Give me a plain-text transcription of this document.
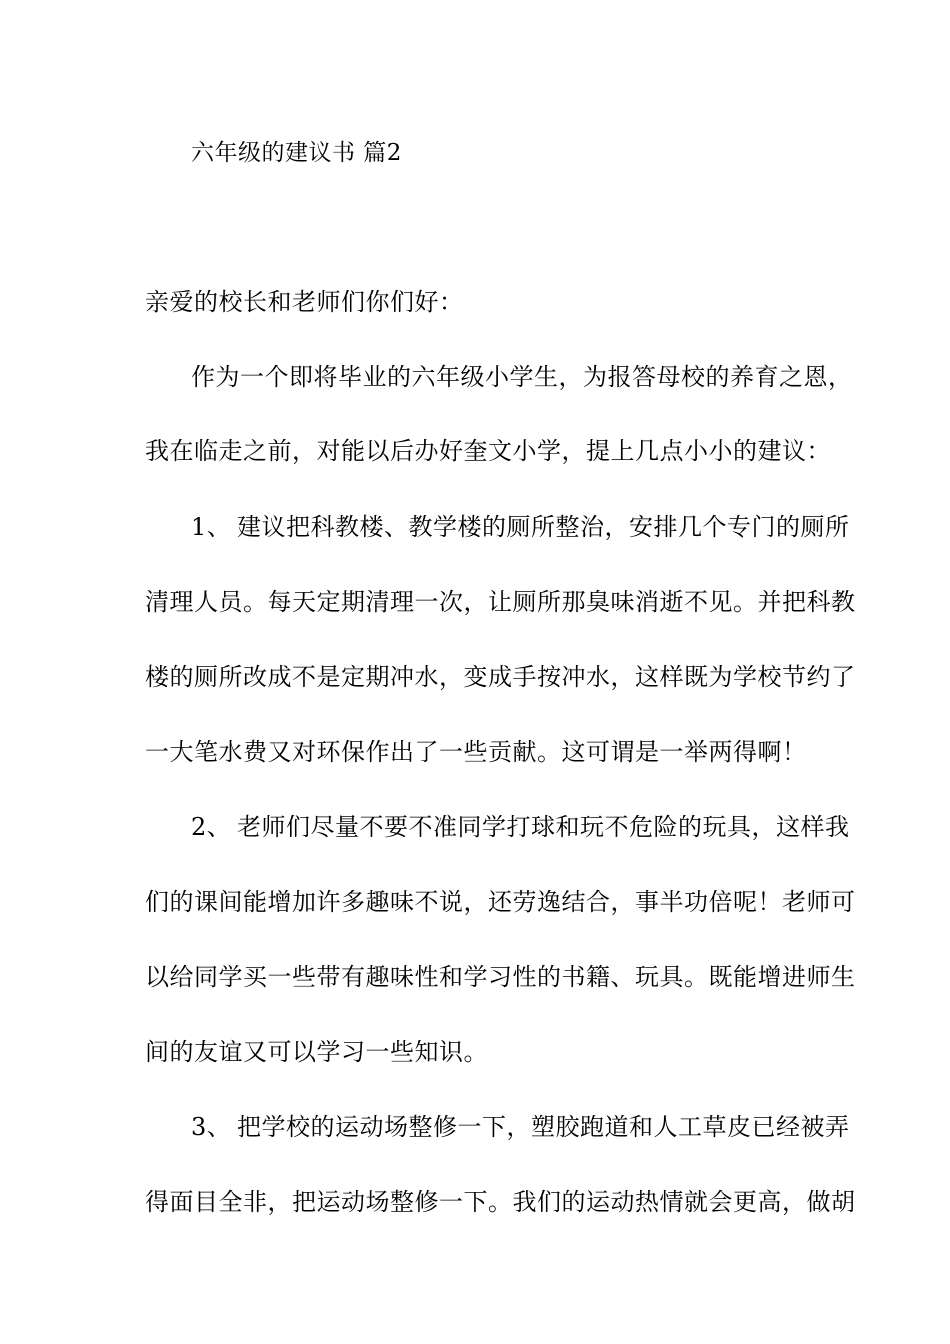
六年级的建议书 篇2
亲爱的校长和老师们你们好：
作为一个即将毕业的六年级小学生，为报答母校的养育之恩，
我在临走之前，对能以后办好奎文小学，提上几点小小的建议：
1、 建议把科教楼、教学楼的厕所整治，安排几个专门的厕所
清理人员。每天定期清理一次，让厕所那臭味消逝不见。并把科教
楼的厕所改成不是定期冲水，变成手按冲水，这样既为学校节约了
一大笔水费又对环保作出了一些贡献。这可谓是一举两得啊！
2、 老师们尽量不要不准同学打球和玩不危险的玩具，这样我
们的课间能增加许多趣味不说，还劳逸结合，事半功倍呢！老师可
以给同学买一些带有趣味性和学习性的书籍、玩具。既能增进师生
间的友谊又可以学习一些知识。
3、 把学校的运动场整修一下，塑胶跑道和人工草皮已经被弄
得面目全非，把运动场整修一下。我们的运动热情就会更高，做胡
